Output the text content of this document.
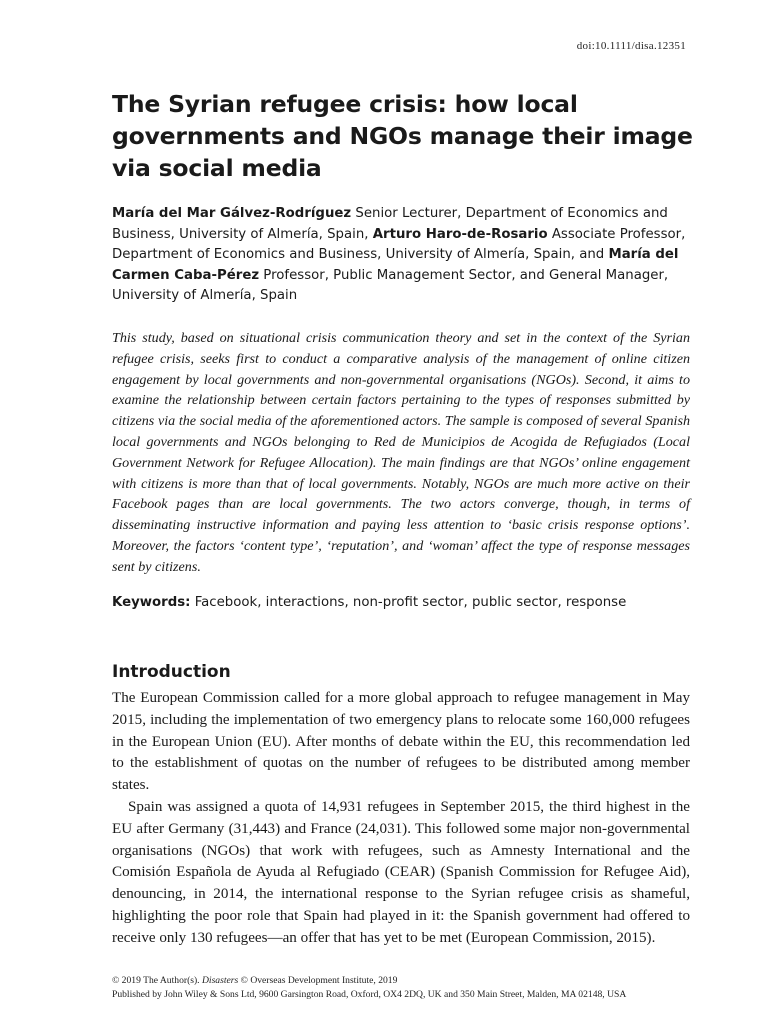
doi:10.1111/disa.12351
The Syrian refugee crisis: how local governments and NGOs manage their image via social media

María del Mar Gálvez-Rodríguez Senior Lecturer, Department of Economics and Business, University of Almería, Spain, Arturo Haro-de-Rosario Associate Professor, Department of Economics and Business, University of Almería, Spain, and María del Carmen Caba-Pérez Professor, Public Management Sector, and General Manager, University of Almería, Spain

This study, based on situational crisis communication theory and set in the context of the Syrian refugee crisis, seeks first to conduct a comparative analysis of the management of online citizen engagement by local governments and non-governmental organisations (NGOs). Second, it aims to examine the relationship between certain factors pertaining to the types of responses submitted by citizens via the social media of the aforementioned actors. The sample is composed of several Spanish local governments and NGOs belonging to Red de Municipios de Acogida de Refugiados (Local Government Network for Refugee Allocation). The main findings are that NGOs’ online engagement with citizens is more than that of local governments. Notably, NGOs are much more active on their Facebook pages than are local governments. The two actors converge, though, in terms of disseminating instructive information and paying less attention to ‘basic crisis response options’. Moreover, the factors ‘content type’, ‘reputation’, and ‘woman’ affect the type of response messages sent by citizens.

Keywords: Facebook, interactions, non-profit sector, public sector, response

Introduction

The European Commission called for a more global approach to refugee management in May 2015, including the implementation of two emergency plans to relocate some 160,000 refugees in the European Union (EU). After months of debate within the EU, this recommendation led to the establishment of quotas on the number of refugees to be distributed among member states.

Spain was assigned a quota of 14,931 refugees in September 2015, the third highest in the EU after Germany (31,443) and France (24,031). This followed some major non-governmental organisations (NGOs) that work with refugees, such as Amnesty International and the Comisión Española de Ayuda al Refugiado (CEAR) (Spanish Commission for Refugee Aid), denouncing, in 2014, the international response to the Syrian refugee crisis as shameful, highlighting the poor role that Spain had played in it: the Spanish government had offered to receive only 130 refugees—an offer that has yet to be met (European Commission, 2015).

© 2019 The Author(s). Disasters © Overseas Development Institute, 2019
Published by John Wiley & Sons Ltd, 9600 Garsington Road, Oxford, OX4 2DQ, UK and 350 Main Street, Malden, MA 02148, USA
